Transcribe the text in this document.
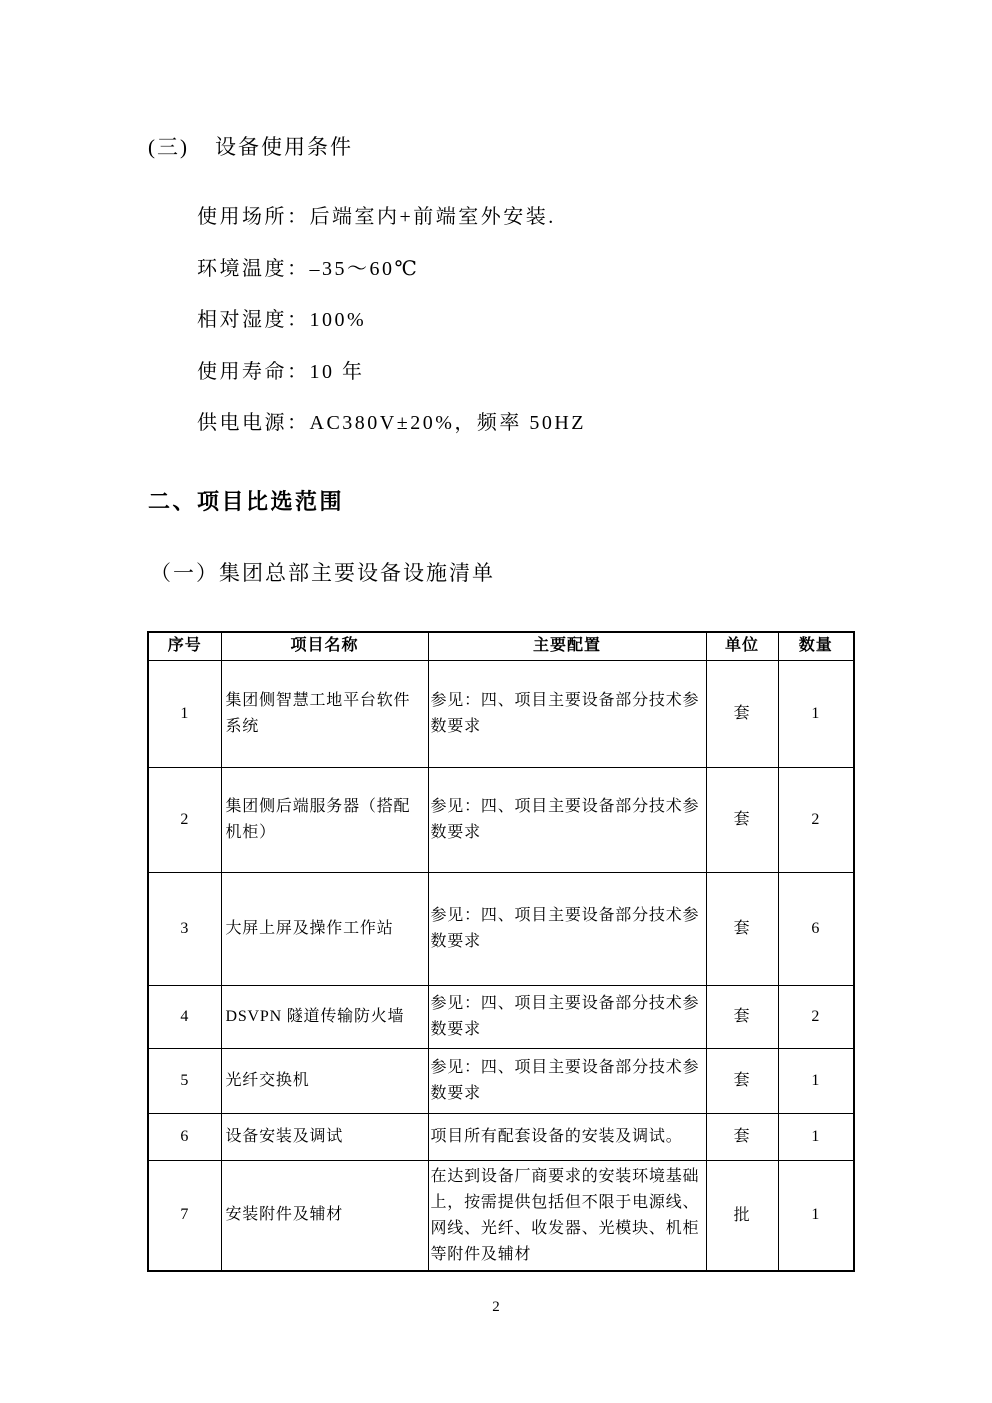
(三) 设备使用条件
使用场所：后端室内+前端室外安装.
环境温度：–35～60℃
相对湿度：100%
使用寿命：10 年
供电电源：AC380V±20%，频率 50HZ
二、项目比选范围
（一）集团总部主要设备设施清单
序号	项目名称	主要配置	单位	数量
1	集团侧智慧工地平台软件系统	参见：四、项目主要设备部分技术参数要求	套	1
2	集团侧后端服务器（搭配机柜）	参见：四、项目主要设备部分技术参数要求	套	2
3	大屏上屏及操作工作站	参见：四、项目主要设备部分技术参数要求	套	6
4	DSVPN 隧道传输防火墙	参见：四、项目主要设备部分技术参数要求	套	2
5	光纤交换机	参见：四、项目主要设备部分技术参数要求	套	1
6	设备安装及调试	项目所有配套设备的安装及调试。	套	1
7	安装附件及辅材	在达到设备厂商要求的安装环境基础上，按需提供包括但不限于电源线、网线、光纤、收发器、光模块、机柜等附件及辅材	批	1
2
